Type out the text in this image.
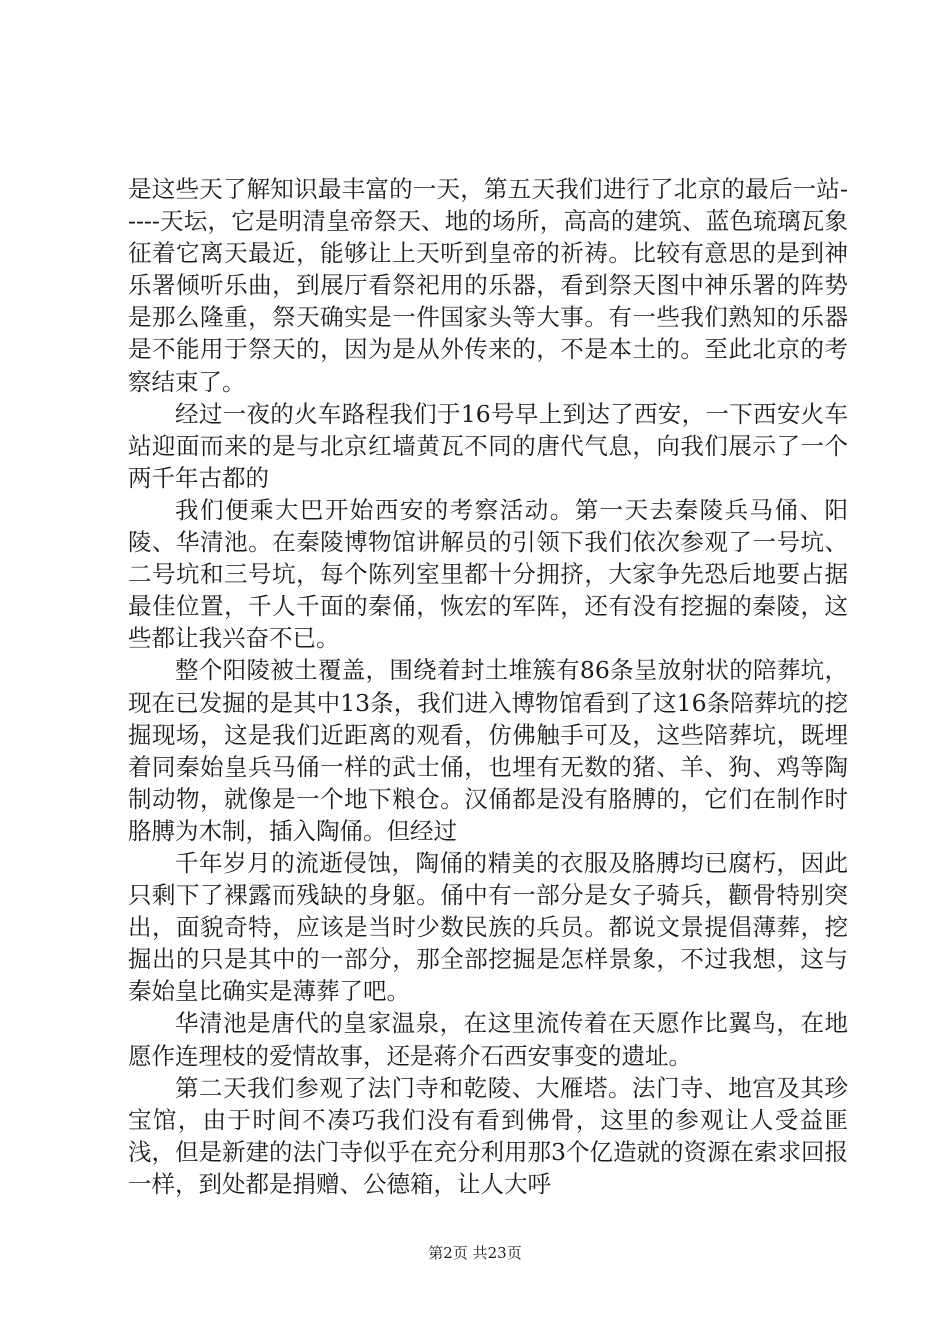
是这些天了解知识最丰富的一天，第五天我们进行了北京的最后一站-----天坛，它是明清皇帝祭天、地的场所，高高的建筑、蓝色琉璃瓦象征着它离天最近，能够让上天听到皇帝的祈祷。比较有意思的是到神乐署倾听乐曲，到展厅看祭祀用的乐器，看到祭天图中神乐署的阵势是那么隆重，祭天确实是一件国家头等大事。有一些我们熟知的乐器是不能用于祭天的，因为是从外传来的，不是本土的。至此北京的考察结束了。

经过一夜的火车路程我们于16号早上到达了西安，一下西安火车站迎面而来的是与北京红墙黄瓦不同的唐代气息，向我们展示了一个两千年古都的

我们便乘大巴开始西安的考察活动。第一天去秦陵兵马俑、阳陵、华清池。在秦陵博物馆讲解员的引领下我们依次参观了一号坑、二号坑和三号坑，每个陈列室里都十分拥挤，大家争先恐后地要占据最佳位置，千人千面的秦俑，恢宏的军阵，还有没有挖掘的秦陵，这些都让我兴奋不已。

整个阳陵被土覆盖，围绕着封土堆簇有86条呈放射状的陪葬坑，现在已发掘的是其中13条，我们进入博物馆看到了这16条陪葬坑的挖掘现场，这是我们近距离的观看，仿佛触手可及，这些陪葬坑，既埋着同秦始皇兵马俑一样的武士俑，也埋有无数的猪、羊、狗、鸡等陶制动物，就像是一个地下粮仓。汉俑都是没有胳膊的，它们在制作时胳膊为木制，插入陶俑。但经过

千年岁月的流逝侵蚀，陶俑的精美的衣服及胳膊均已腐朽，因此只剩下了裸露而残缺的身躯。俑中有一部分是女子骑兵，颧骨特别突出，面貌奇特，应该是当时少数民族的兵员。都说文景提倡薄葬，挖掘出的只是其中的一部分，那全部挖掘是怎样景象，不过我想，这与秦始皇比确实是薄葬了吧。

华清池是唐代的皇家温泉，在这里流传着在天愿作比翼鸟，在地愿作连理枝的爱情故事，还是蒋介石西安事变的遗址。

第二天我们参观了法门寺和乾陵、大雁塔。法门寺、地宫及其珍宝馆，由于时间不凑巧我们没有看到佛骨，这里的参观让人受益匪浅，但是新建的法门寺似乎在充分利用那3个亿造就的资源在索求回报一样，到处都是捐赠、公德箱，让人大呼

第2页 共23页
